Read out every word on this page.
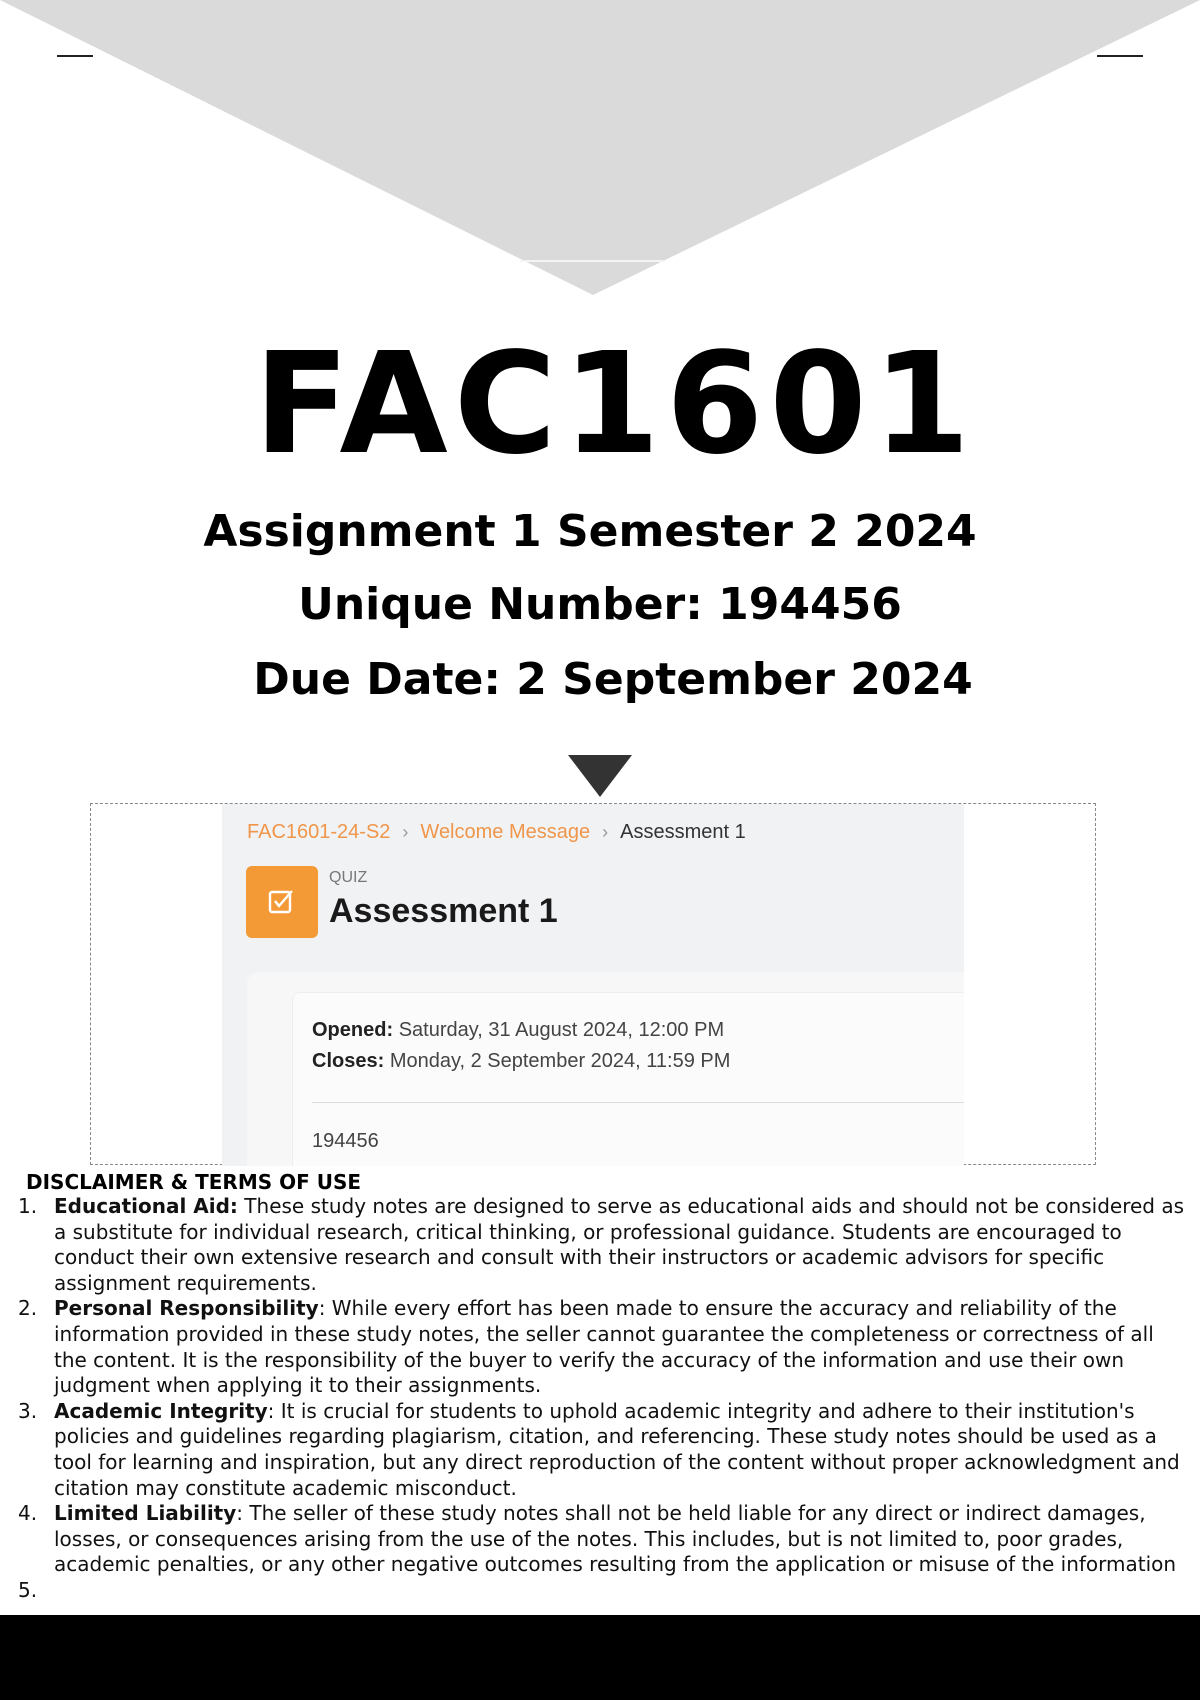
FAC1601
Assignment 1 Semester 2 2024
Unique Number: 194456
Due Date: 2 September 2024
FAC1601-24-S2 › Welcome Message › Assessment 1
QUIZ
Assessment 1
Opened: Saturday, 31 August 2024, 12:00 PM
Closes: Monday, 2 September 2024, 11:59 PM
194456
DISCLAIMER & TERMS OF USE
1. Educational Aid: These study notes are designed to serve as educational aids and should not be considered as a substitute for individual research, critical thinking, or professional guidance. Students are encouraged to conduct their own extensive research and consult with their instructors or academic advisors for specific assignment requirements.
2. Personal Responsibility: While every effort has been made to ensure the accuracy and reliability of the information provided in these study notes, the seller cannot guarantee the completeness or correctness of all the content. It is the responsibility of the buyer to verify the accuracy of the information and use their own judgment when applying it to their assignments.
3. Academic Integrity: It is crucial for students to uphold academic integrity and adhere to their institution's policies and guidelines regarding plagiarism, citation, and referencing. These study notes should be used as a tool for learning and inspiration, but any direct reproduction of the content without proper acknowledgment and citation may constitute academic misconduct.
4. Limited Liability: The seller of these study notes shall not be held liable for any direct or indirect damages, losses, or consequences arising from the use of the notes. This includes, but is not limited to, poor grades, academic penalties, or any other negative outcomes resulting from the application or misuse of the information
5.
